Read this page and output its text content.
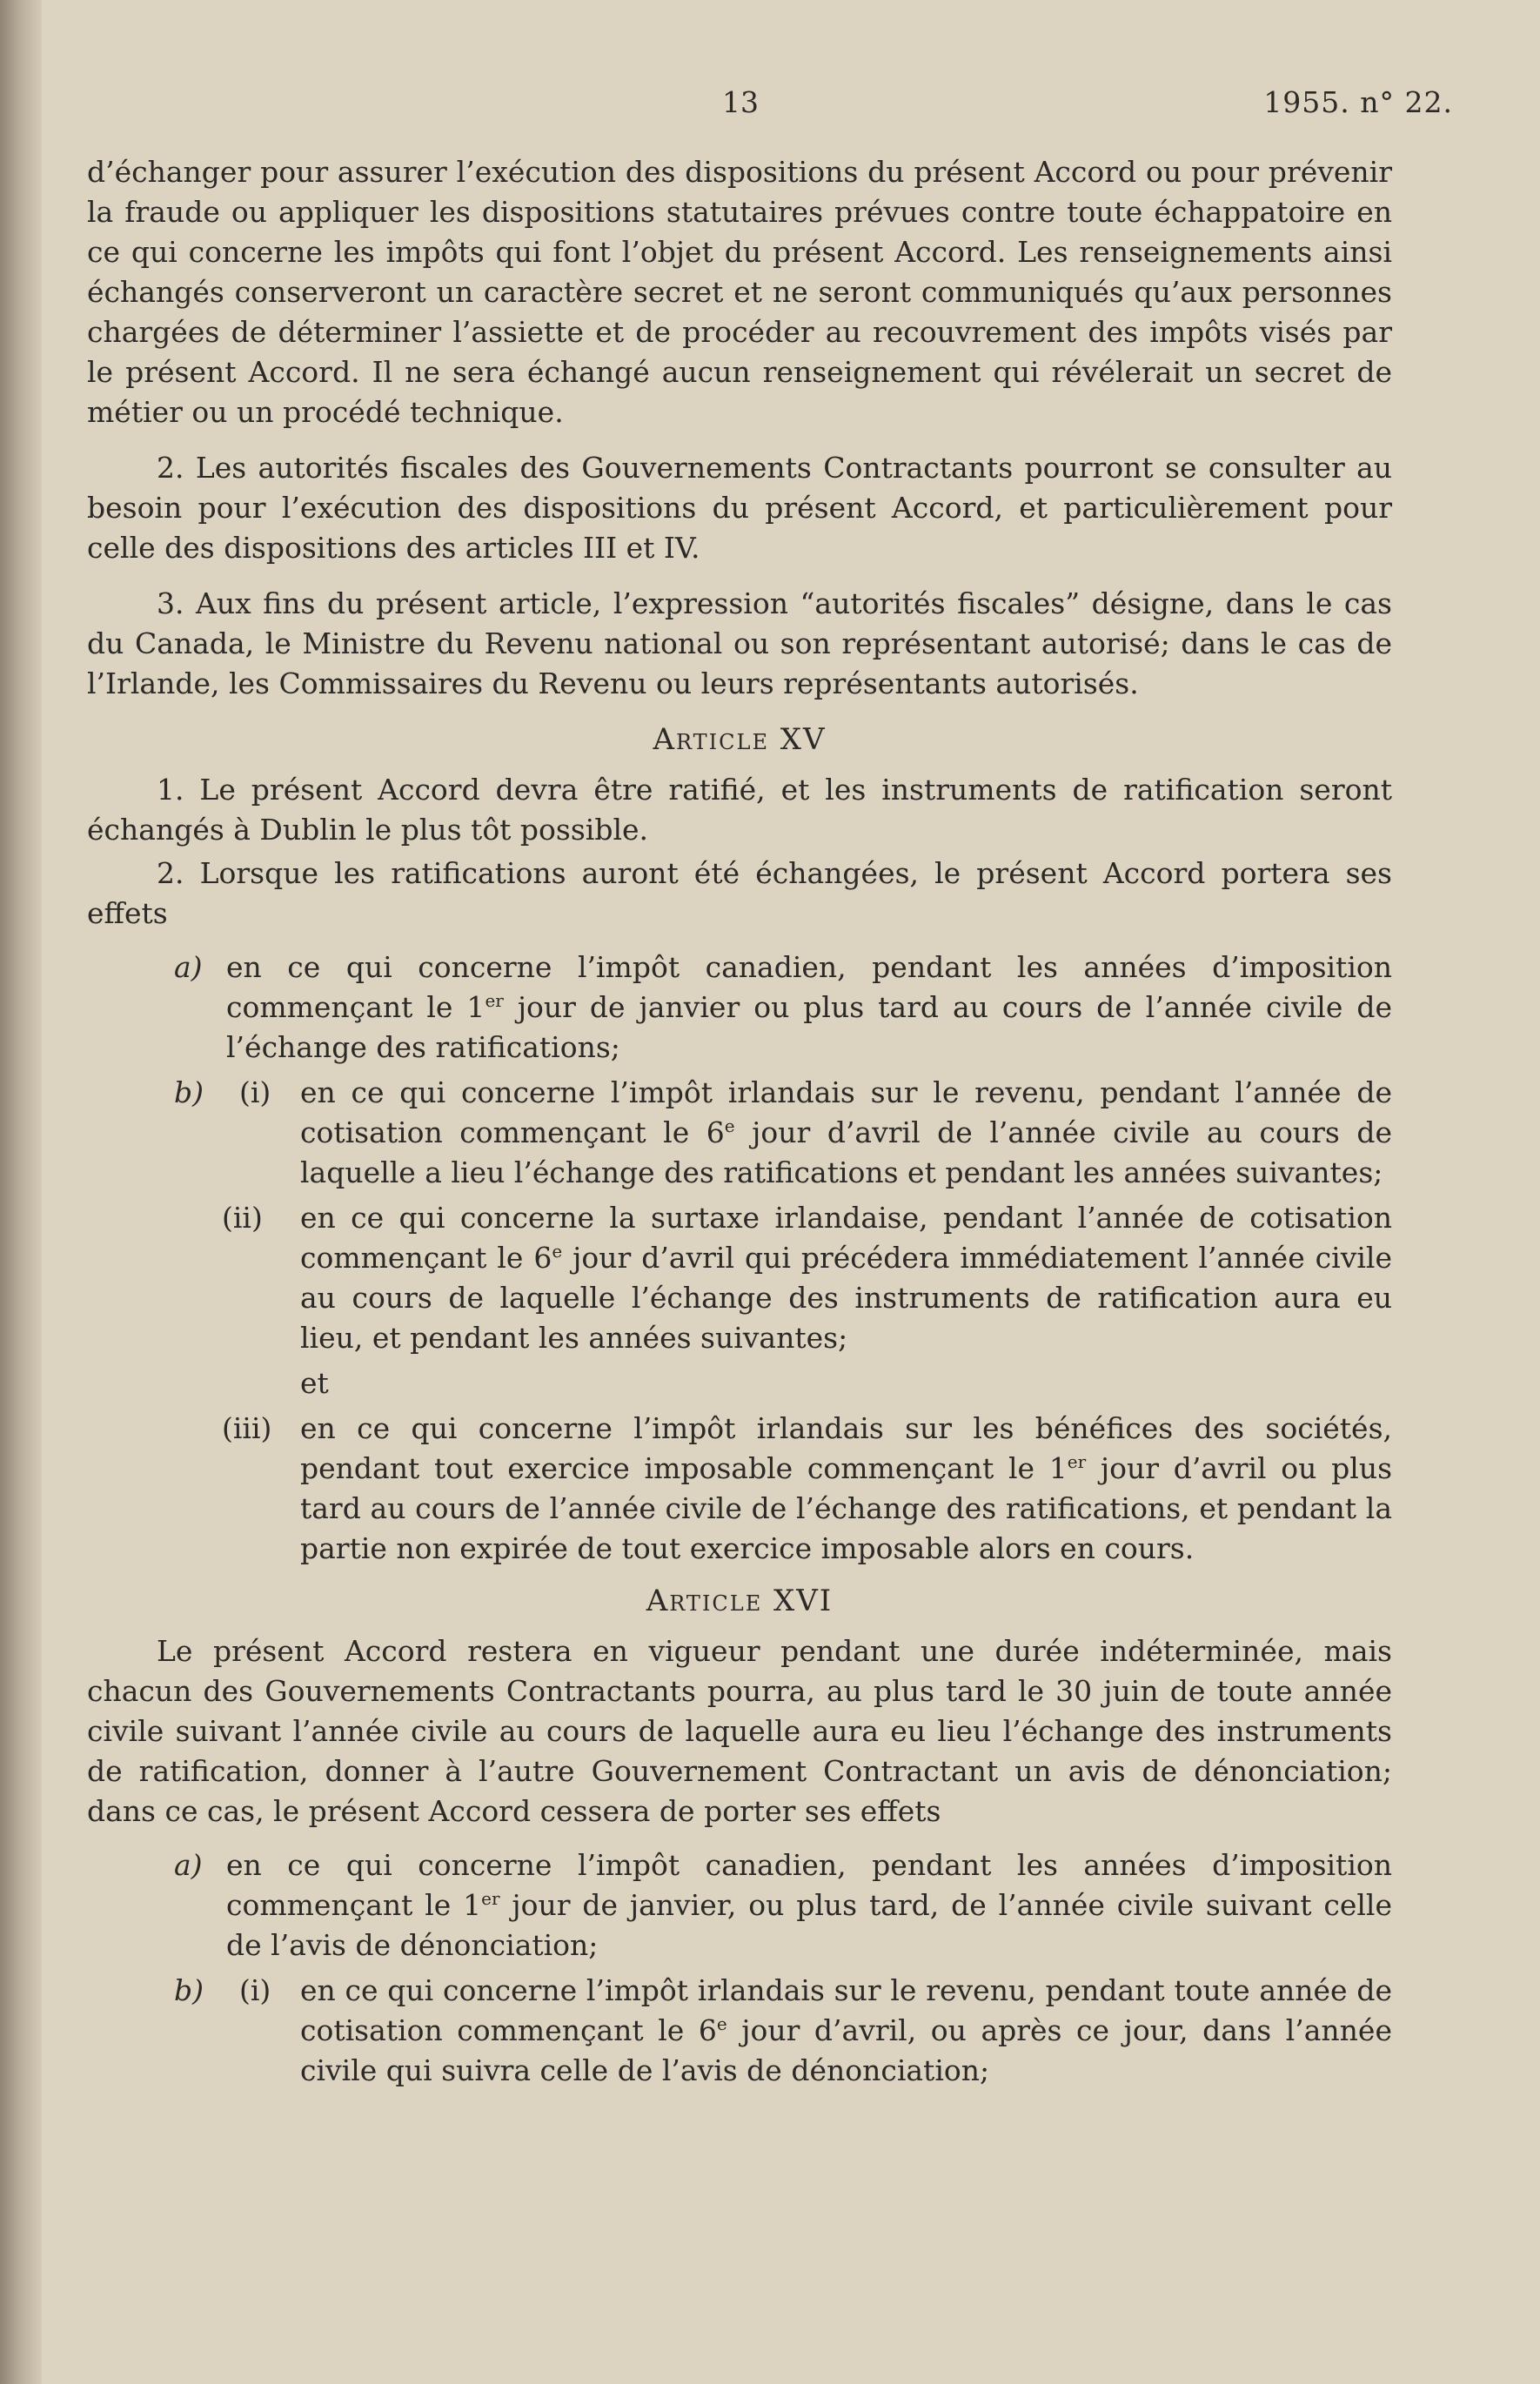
13	1955. n° 22.

d’échanger pour assurer l’exécution des dispositions du présent Accord ou pour prévenir la fraude ou appliquer les dispositions statutaires prévues contre toute échappatoire en ce qui concerne les impôts qui font l’objet du présent Accord. Les renseignements ainsi échangés conserveront un caractère secret et ne seront communiqués qu’aux personnes chargées de déterminer l’assiette et de procéder au recouvrement des impôts visés par le présent Accord. Il ne sera échangé aucun renseignement qui révélerait un secret de métier ou un procédé technique.

2. Les autorités fiscales des Gouvernements Contractants pourront se consulter au besoin pour l’exécution des dispositions du présent Accord, et particulièrement pour celle des dispositions des articles III et IV.

3. Aux fins du présent article, l’expression “autorités fiscales” désigne, dans le cas du Canada, le Ministre du Revenu national ou son représentant autorisé; dans le cas de l’Irlande, les Commissaires du Revenu ou leurs représentants autorisés.

Article XV

1. Le présent Accord devra être ratifié, et les instruments de ratification seront échangés à Dublin le plus tôt possible.

2. Lorsque les ratifications auront été échangées, le présent Accord portera ses effets

a) en ce qui concerne l’impôt canadien, pendant les années d’imposition commençant le 1er jour de janvier ou plus tard au cours de l’année civile de l’échange des ratifications;
b) (i) en ce qui concerne l’impôt irlandais sur le revenu, pendant l’année de cotisation commençant le 6e jour d’avril de l’année civile au cours de laquelle a lieu l’échange des ratifications et pendant les années suivantes;
(ii) en ce qui concerne la surtaxe irlandaise, pendant l’année de cotisation commençant le 6e jour d’avril qui précédera immédiatement l’année civile au cours de laquelle l’échange des instruments de ratification aura eu lieu, et pendant les années suivantes;
et
(iii) en ce qui concerne l’impôt irlandais sur les bénéfices des sociétés, pendant tout exercice imposable commençant le 1er jour d’avril ou plus tard au cours de l’année civile de l’échange des ratifications, et pendant la partie non expirée de tout exercice imposable alors en cours.
Article XVI

Le présent Accord restera en vigueur pendant une durée indéterminée, mais chacun des Gouvernements Contractants pourra, au plus tard le 30 juin de toute année civile suivant l’année civile au cours de laquelle aura eu lieu l’échange des instruments de ratification, donner à l’autre Gouvernement Contractant un avis de dénonciation; dans ce cas, le présent Accord cessera de porter ses effets

a) en ce qui concerne l’impôt canadien, pendant les années d’imposition commençant le 1er jour de janvier, ou plus tard, de l’année civile suivant celle de l’avis de dénonciation;
b) (i) en ce qui concerne l’impôt irlandais sur le revenu, pendant toute année de cotisation commençant le 6e jour d’avril, ou après ce jour, dans l’année civile qui suivra celle de l’avis de dénonciation;
